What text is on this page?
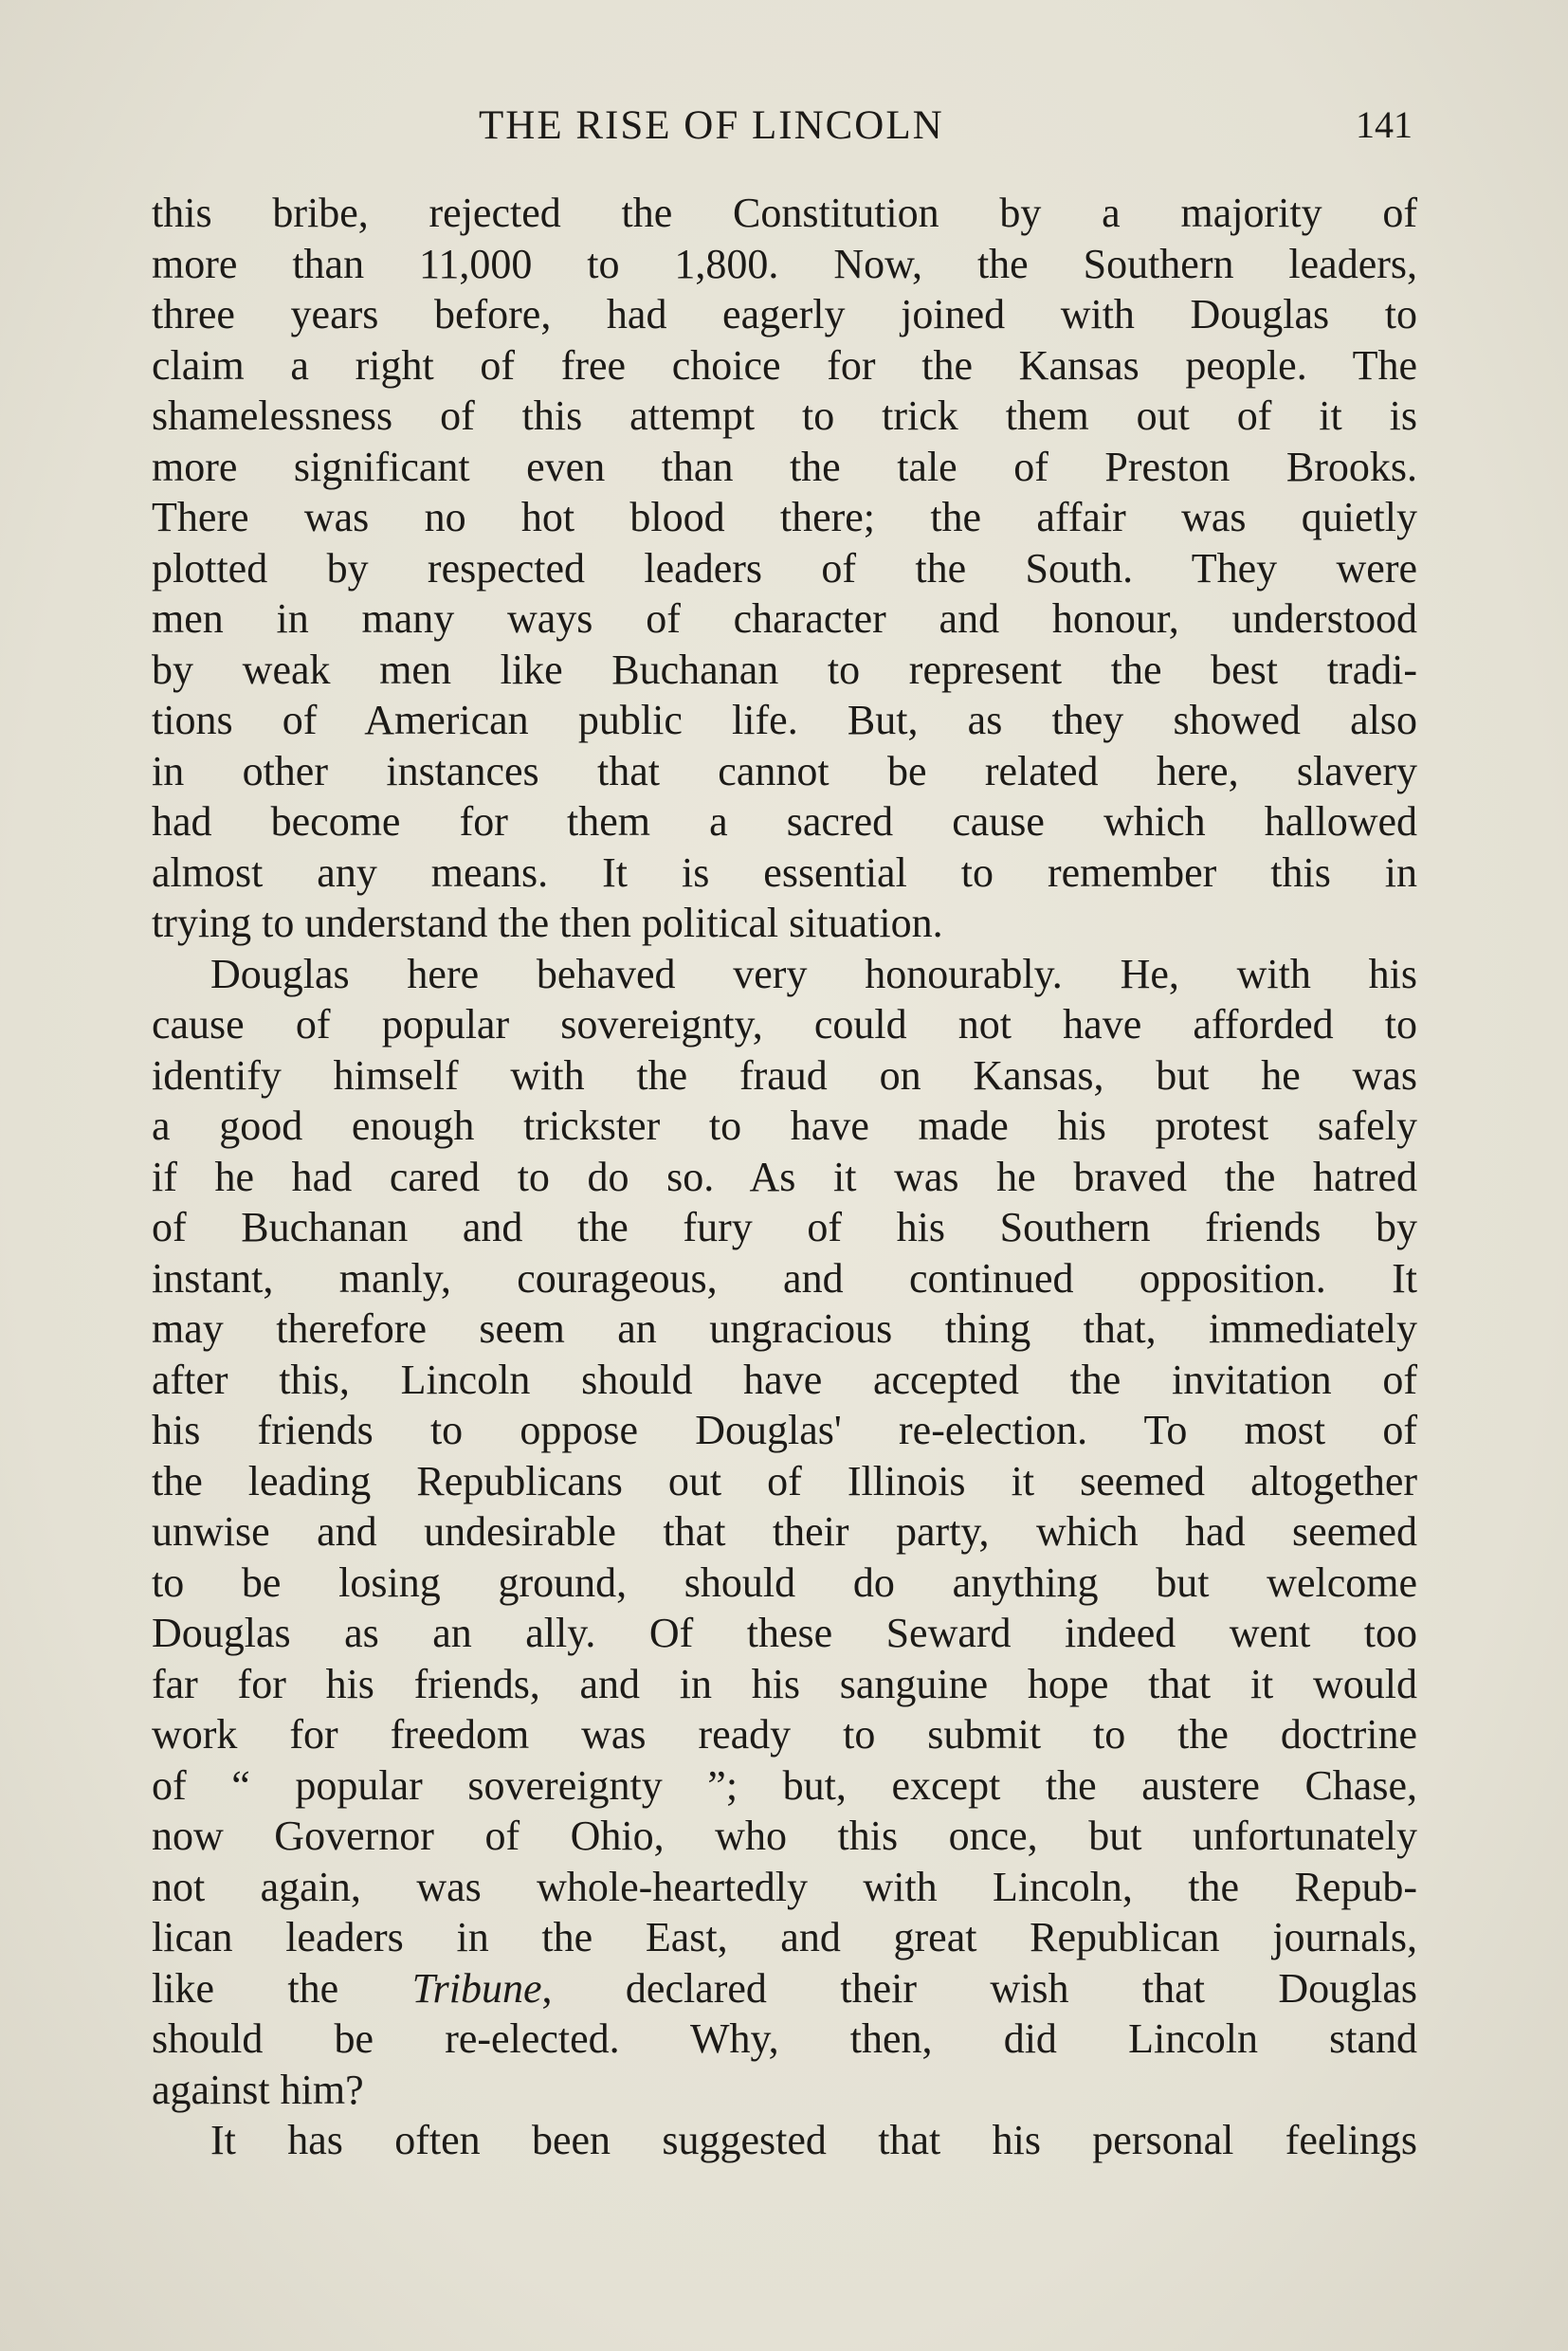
THE RISE OF LINCOLN	141
this bribe, rejected the Constitution by a majority of
more than 11,000 to 1,800. Now, the Southern leaders,
three years before, had eagerly joined with Douglas to
claim a right of free choice for the Kansas people. The
shamelessness of this attempt to trick them out of it is
more significant even than the tale of Preston Brooks.
There was no hot blood there; the affair was quietly
plotted by respected leaders of the South. They were
men in many ways of character and honour, understood
by weak men like Buchanan to represent the best tradi-
tions of American public life. But, as they showed also
in other instances that cannot be related here, slavery
had become for them a sacred cause which hallowed
almost any means. It is essential to remember this in
trying to understand the then political situation.
Douglas here behaved very honourably. He, with his
cause of popular sovereignty, could not have afforded to
identify himself with the fraud on Kansas, but he was
a good enough trickster to have made his protest safely
if he had cared to do so. As it was he braved the hatred
of Buchanan and the fury of his Southern friends by
instant, manly, courageous, and continued opposition. It
may therefore seem an ungracious thing that, immediately
after this, Lincoln should have accepted the invitation of
his friends to oppose Douglas' re-election. To most of
the leading Republicans out of Illinois it seemed altogether
unwise and undesirable that their party, which had seemed
to be losing ground, should do anything but welcome
Douglas as an ally. Of these Seward indeed went too
far for his friends, and in his sanguine hope that it would
work for freedom was ready to submit to the doctrine
of “ popular sovereignty ”; but, except the austere Chase,
now Governor of Ohio, who this once, but unfortunately
not again, was whole-heartedly with Lincoln, the Repub-
lican leaders in the East, and great Republican journals,
like the Tribune, declared their wish that Douglas
should be re-elected. Why, then, did Lincoln stand
against him?
It has often been suggested that his personal feelings
